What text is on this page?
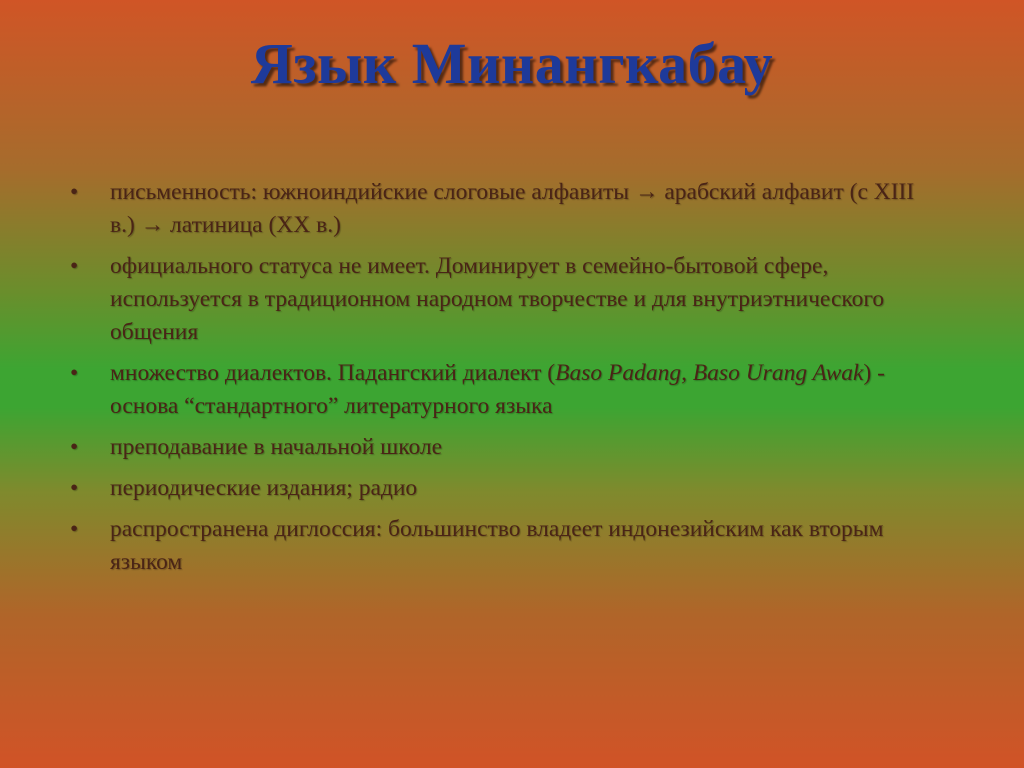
Язык Минангкабау
• письменность: южноиндийские слоговые алфавиты → арабский алфавит (с XIII в.) → латиница (XX в.)
• официального статуса не имеет. Доминирует в семейно-бытовой сфере, используется в традиционном народном творчестве и для внутриэтнического общения
• множество диалектов. Падангский диалект (Baso Padang, Baso Urang Awak) - основа “стандартного” литературного языка
• преподавание в начальной школе
• периодические издания; радио
• распространена диглоссия: большинство владеет индонезийским как вторым языком
